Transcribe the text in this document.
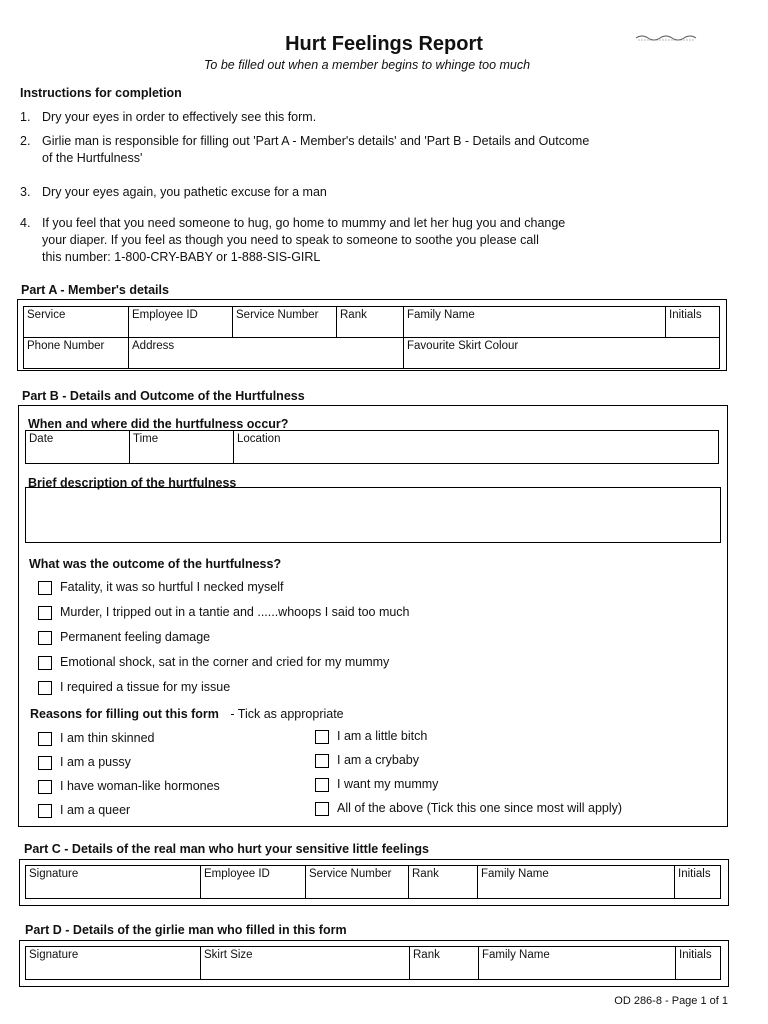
Hurt Feelings Report
To be filled out when a member begins to whinge too much
Instructions for completion
1. Dry your eyes in order to effectively see this form.
2. Girlie man is responsible for filling out 'Part A - Member's details' and 'Part B - Details and Outcome
of the Hurtfulness'
3. Dry your eyes again, you pathetic excuse for a man
4. If you feel that you need someone to hug, go home to mummy and let her hug you and change
your diaper. If you feel as though you need to speak to someone to soothe you please call
this number: 1-800-CRY-BABY or 1-888-SIS-GIRL
Part A - Member's details
Service	Employee ID	Service Number	Rank	Family Name	Initials
Phone Number	Address			Favourite Skirt Colour	
Part B - Details and Outcome of the Hurtfulness
When and where did the hurtfulness occur?
Date	Time	Location
Brief description of the hurtfulness
What was the outcome of the hurtfulness?
Fatality, it was so hurtful I necked myself
Murder, I tripped out in a tantie and ......whoops I said too much
Permanent feeling damage
Emotional shock, sat in the corner and cried for my mummy
I required a tissue for my issue
Reasons for filling out this form - Tick as appropriate
I am thin skinned
I am a pussy
I have woman-like hormones
I am a queer
I am a little bitch
I am a crybaby
I want my mummy
All of the above (Tick this one since most will apply)
Part C - Details of the real man who hurt your sensitive little feelings
Signature	Employee ID	Service Number	Rank	Family Name	Initials
Part D - Details of the girlie man who filled in this form
Signature	Skirt Size	Rank	Family Name	Initials
OD 286-8 - Page 1 of 1
